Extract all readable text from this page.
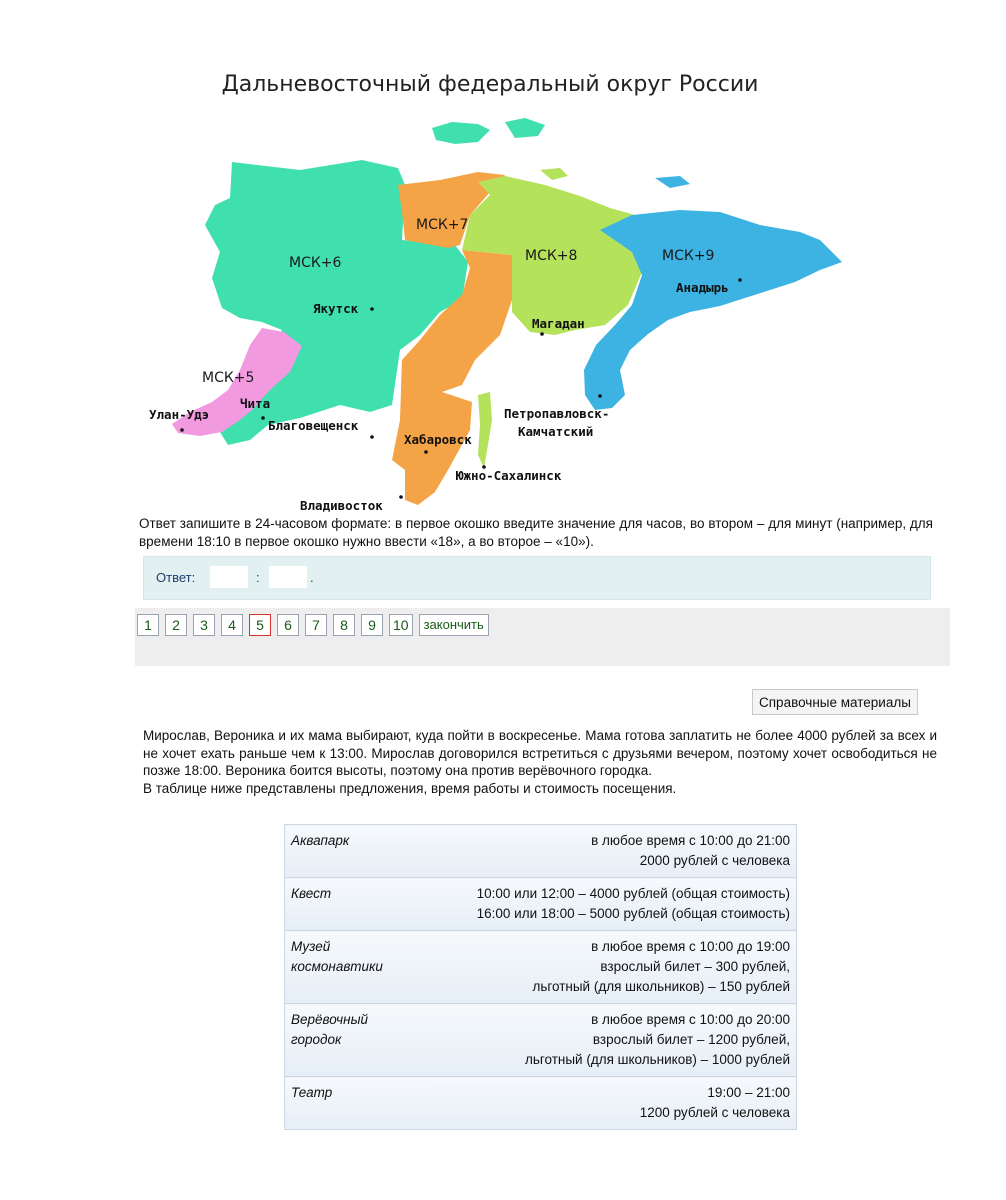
Дальневосточный федеральный округ России
МСК+6
МСК+7
МСК+8	МСК+9
МСК+5
Якутск
Улан-Удэ
Чита
Благовещенск
Хабаровск
Владивосток
Южно-Сахалинск
Магадан
Петропавловск-
Камчатский
Анадырь
Ответ запишите в 24-часовом формате: в первое окошко введите значение для часов, во втором – для минут (например, для времени 18:10 в первое окошко нужно ввести «18», а во второе – «10»).
Ответ:	:	.
1	2	3	4	5	6	7	8	9	10	закончить
Справочные материалы

Мирослав, Вероника и их мама выбирают, куда пойти в воскресенье. Мама готова заплатить не более 4000 рублей за всех и не хочет ехать раньше чем к 13:00. Мирослав договорился встретиться с друзьями вечером, поэтому хочет освободиться не позже 18:00. Вероника боится высоты, поэтому она против верёвочного городка.

В таблице ниже представлены предложения, время работы и стоимость посещения.

Аквапарк	в любое время с 10:00 до 21:00
2000 рублей с человека

Квест	10:00 или 12:00 – 4000 рублей (общая стоимость)
16:00 или 18:00 – 5000 рублей (общая стоимость)

Музей космонавтики	в любое время с 10:00 до 19:00
взрослый билет – 300 рублей,
льготный (для школьников) – 150 рублей

Верёвочный городок	в любое время с 10:00 до 20:00
взрослый билет – 1200 рублей,
льготный (для школьников) – 1000 рублей

Театр	19:00 – 21:00
1200 рублей с человека
